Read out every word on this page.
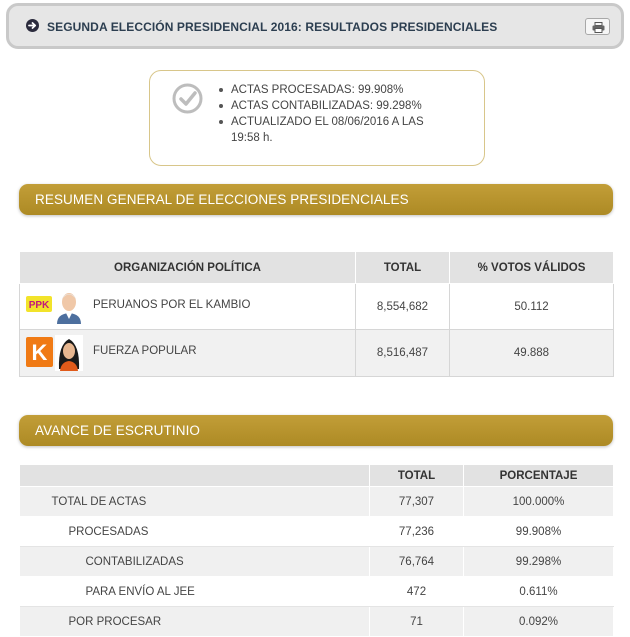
SEGUNDA ELECCIÓN PRESIDENCIAL 2016: RESULTADOS PRESIDENCIALES
ACTAS PROCESADAS: 99.908%
ACTAS CONTABILIZADAS: 99.298%
ACTUALIZADO EL 08/06/2016 A LAS 19:58 h.
RESUMEN GENERAL DE ELECCIONES PRESIDENCIALES
ORGANIZACIÓN POLÍTICA	TOTAL	% VOTOS VÁLIDOS

PPK PERUANOS POR EL KAMBIO	8,554,682	50.112

K FUERZA POPULAR	8,516,487	49.888
AVANCE DE ESCRUTINIO
	TOTAL	PORCENTAJE
TOTAL DE ACTAS	77,307	100.000%
PROCESADAS	77,236	99.908%
CONTABILIZADAS	76,764	99.298%
PARA ENVÍO AL JEE	472	0.611%
POR PROCESAR	71	0.092%
